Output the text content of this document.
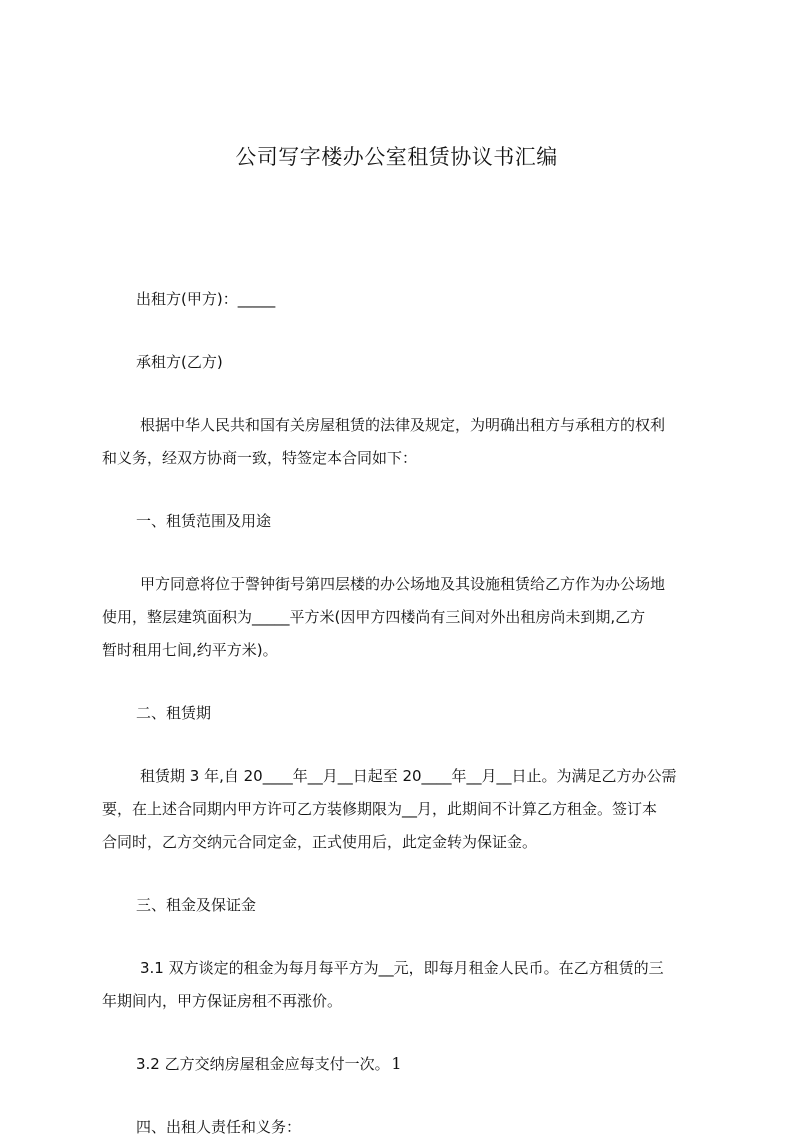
公司写字楼办公室租赁协议书汇编

出租方(甲方)：_____

承租方(乙方)

根据中华人民共和国有关房屋租赁的法律及规定，为明确出租方与承租方的权利

和义务，经双方协商一致，特签定本合同如下：

一、租赁范围及用途

甲方同意将位于謦钟街号第四层楼的办公场地及其设施租赁给乙方作为办公场地

使用，整层建筑面积为_____平方米(因甲方四楼尚有三间对外出租房尚未到期,乙方

暂时租用七间,约平方米)。

二、租赁期

租赁期 3 年,自 20____年__月__日起至 20____年__月__日止。为满足乙方办公需

要，在上述合同期内甲方许可乙方装修期限为__月，此期间不计算乙方租金。签订本

合同时，乙方交纳元合同定金，正式使用后，此定金转为保证金。

三、租金及保证金

3.1 双方谈定的租金为每月每平方为__元，即每月租金人民币。在乙方租赁的三

年期间内，甲方保证房租不再涨价。

3.2 乙方交纳房屋租金应每支付一次。

四、出租人责任和义务：

1
